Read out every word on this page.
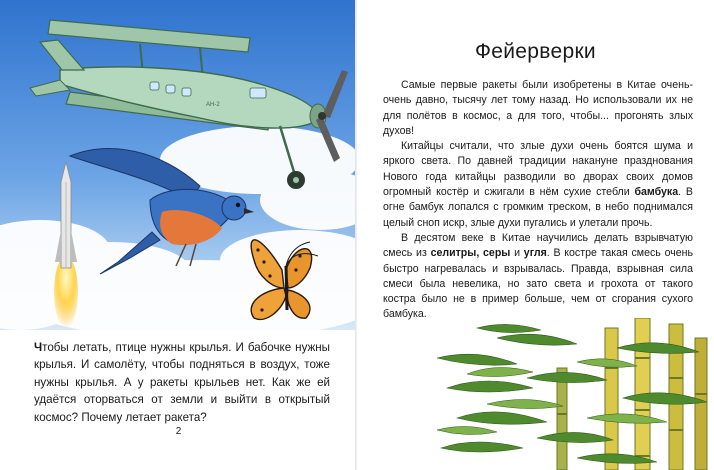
АН-2
Чтобы летать, птице нужны крылья. И бабочке нужны крылья. И самолёту, чтобы подняться в воздух, тоже нужны крылья. А у ракеты крыльев нет. Как же ей удаётся оторваться от земли и выйти в открытый космос? Почему летает ракета?
2
Фейерверки

Самые первые ракеты были изобретены в Китае очень-очень давно, тысячу лет тому назад. Но использовали их не для полётов в космос, а для того, чтобы... прогонять злых духов!

Китайцы считали, что злые духи очень боятся шума и яркого света. По давней традиции накануне празднования Нового года китайцы разводили во дворах своих домов огромный костёр и сжигали в нём сухие стебли бамбука. В огне бамбук лопался с громким треском, в небо поднимался целый сноп искр, злые духи пугались и улетали прочь.

В десятом веке в Китае научились делать взрывчатую смесь из селитры, серы и угля. В костре такая смесь очень быстро нагревалась и взрывалась. Правда, взрывная сила смеси была невелика, но зато света и грохота от такого костра было не в пример больше, чем от сгорания сухого бамбука.
